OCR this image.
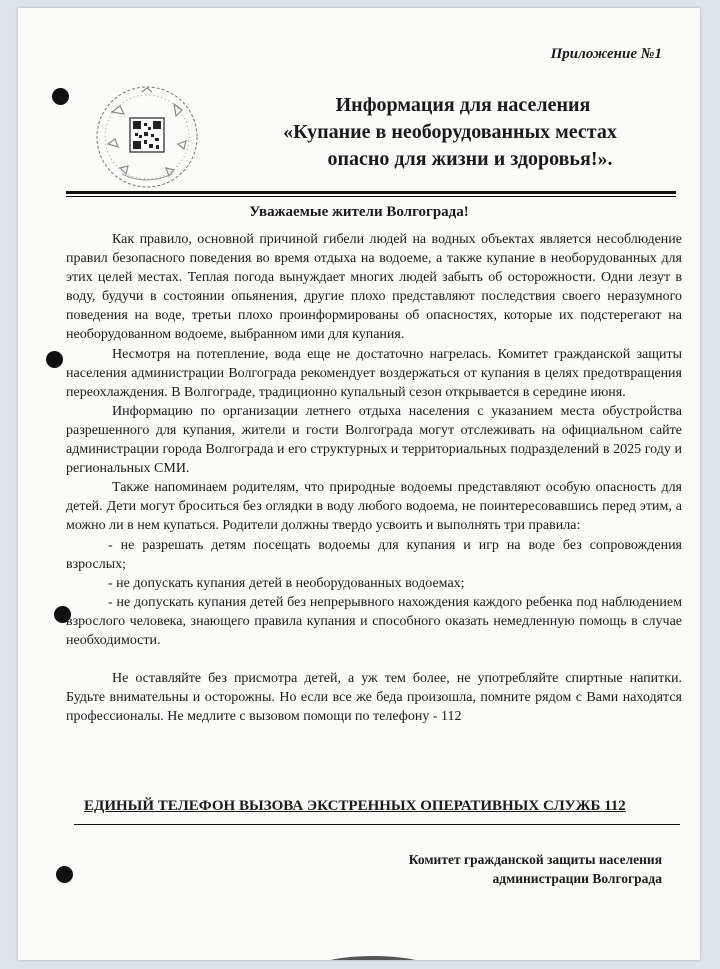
Приложение №1
Информация для населения
«Купание в необорудованных местах
опасно для жизни и здоровья!».
Уважаемые жители Волгограда!

Как правило, основной причиной гибели людей на водных объектах является несоблюдение правил безопасного поведения во время отдыха на водоеме, а также купание в необорудованных для этих целей местах. Теплая погода вынуждает многих людей забыть об осторожности. Одни лезут в воду, будучи в состоянии опьянения, другие плохо представляют последствия своего неразумного поведения на воде, третьи плохо проинформированы об опасностях, которые их подстерегают на необорудованном водоеме, выбранном ими для купания.

Несмотря на потепление, вода еще не достаточно нагрелась. Комитет гражданской защиты населения администрации Волгограда рекомендует воздержаться от купания в целях предотвращения переохлаждения. В Волгограде, традиционно купальный сезон открывается в середине июня.

Информацию по организации летнего отдыха населения с указанием места обустройства разрешенного для купания, жители и гости Волгограда могут отслеживать на официальном сайте администрации города Волгограда и его структурных и территориальных подразделений в 2025 году и региональных СМИ.

Также напоминаем родителям, что природные водоемы представляют особую опасность для детей. Дети могут броситься без оглядки в воду любого водоема, не поинтересовавшись перед этим, а можно ли в нем купаться. Родители должны твердо усвоить и выполнять три правила:

- не разрешать детям посещать водоемы для купания и игр на воде без сопровождения взрослых;

- не допускать купания детей в необорудованных водоемах;

- не допускать купания детей без непрерывного нахождения каждого ребенка под наблюдением взрослого человека, знающего правила купания и способного оказать немедленную помощь в случае необходимости.

Не оставляйте без присмотра детей, а уж тем более, не употребляйте спиртные напитки. Будьте внимательны и осторожны. Но если все же беда произошла, помните рядом с Вами находятся профессионалы. Не медлите с вызовом помощи по телефону - 112

ЕДИНЫЙ ТЕЛЕФОН ВЫЗОВА ЭКСТРЕННЫХ ОПЕРАТИВНЫХ СЛУЖБ 112
Комитет гражданской защиты населения
администрации Волгограда
